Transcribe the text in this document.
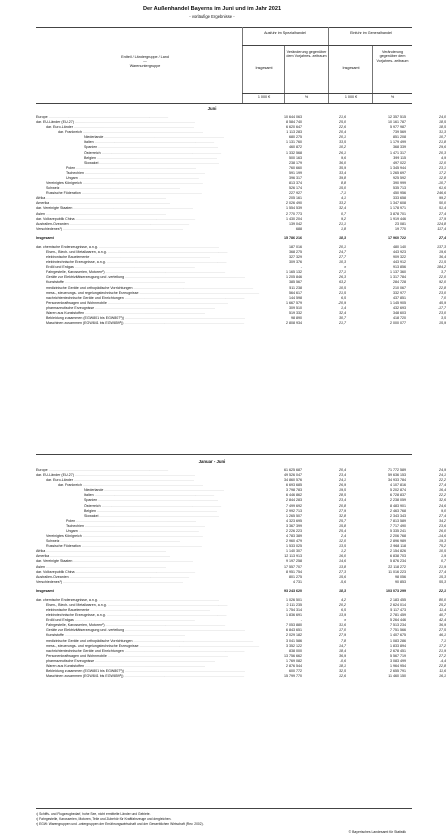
Der Außenhandel Bayerns im Juni und im Jahr 2021
- vorläufige Ergebnisse -
Erdteil / Ländergruppe / Land
—
Warenuntergruppe
Ausfuhr im Spezialhandel	Einfuhr im Generalhandel
Insgesamt
Veränderung gegenüber dem Vorjahres- zeitraum
Insgesamt
Veränderung gegenüber dem Vorjahres- zeitraum
1 000 €	%	1 000 €	%
Juni
Europe ........................................................................................................................	10 644 063	21,6	12 357 515	24,0
dar. EU-Länder (EU-27) ........................................................................................................................	8 584 740	25,0	10 161 787	18,5
dar. Euro-Länder ........................................................................................................................	6 620 647	22,6	5 977 987	18,5
dar. Frankreich ........................................................................................................................	1 113 283	20,4	739 569	31,3
Niederlande ........................................................................................................................	680 275	20,1	851 208	10,7
Italien ........................................................................................................................	1 131 760	33,5	1 179 499	21,8
Spanien ........................................................................................................................	460 872	10,2	368 339	29,6
Österreich ........................................................................................................................	1 332 568	26,1	1 471 317	20,3
Belgien ........................................................................................................................	500 163	9,6	399 115	4,9
Slowakei ........................................................................................................................	238 179	36,0	497 022	12,0
Polen ........................................................................................................................	760 660	35,9	1 345 944	23,1
Tschechien ........................................................................................................................	591 199	33,4	1 265 697	17,2
Ungarn ........................................................................................................................	396 317	39,8	925 592	12,8
Vereinigtes Königreich ........................................................................................................................	813 374	8,8	390 999	-10,7
Schweiz ........................................................................................................................	526 174	15,0	535 713	61,6
Russische Föderation ........................................................................................................................	227 927	-7,1	450 956	246,6
Afrika ........................................................................................................................	205 161	4,1	333 658	99,2
Amerika ........................................................................................................................	2 026 490	33,2	1 347 608	50,0
dar. Vereinigte Staaten ........................................................................................................................	1 554 539	32,4	1 178 971	51,4
Asien ........................................................................................................................	2 770 773	0,7	3 878 701	27,4
dar. Volksrepublik China ........................................................................................................................	1 430 204	9,2	1 919 446	17,9
Australien-Ozeanien ........................................................................................................................	139 042	21,1	23 081	124,8
Verschiedenes¹) ........................................................................................................................	688	1,8	19 770	117,4
Insgesamt	15 786 216	18,3	17 960 722	27,4
dar. chemische Enderzeugnisse, a.n.g. ........................................................................................................................	187 016	20,1	480 140	137,3
Eisen-, Blech- und Metallwaren, a.n.g. ........................................................................................................................	368 275	24,7	443 923	19,6
elektronische Bauelemente ........................................................................................................................	327 329	27,7	909 322	36,4
elektrotechnische Erzeugnisse, a.n.g. ........................................................................................................................	309 376	10,3	443 912	21,5
Erdöl und Erdgas ........................................................................................................................	-	x	913 856	184,2
Fahrgestelle, Karosserien, Motoren²) ........................................................................................................................	1 165 132	27,1	1 137 360	3,7
Geräte zur Elektrizitätserzeugung und -verteilung ........................................................................................................................	1 205 846	26,3	1 317 784	22,0
Kunststoffe ........................................................................................................................	385 567	63,2	284 728	92,0
medizinische Geräte und orthopädische Vorrichtungen ........................................................................................................................	511 238	10,5	210 067	22,8
mess-, steuerungs- und regelungstechnische Erzeugnisse ........................................................................................................................	564 617	21,5	332 977	23,0
nachrichtentechnische Geräte und Einrichtungen ........................................................................................................................	144 598	6,5	437 851	7,0
Personenkraftwagen und Wohnmobile ........................................................................................................................	1 667 579	-20,9	1 145 905	45,9
pharmazeutische Erzeugnisse ........................................................................................................................	309 510	1,4	432 693	-17,7
Waren aus Kunststoffen ........................................................................................................................	519 332	32,4	348 603	23,0
Bekleidung zusammen (EGW801 bis EGW807³)) ........................................................................................................................	98 890	30,7	418 720	3,5
Maschinen zusammen (EGW841 bis EGW859³)) ........................................................................................................................	2 808 934	21,7	2 000 077	15,9
Januar - Juni
Europe ........................................................................................................................	61 625 687	20,4	71 772 589	24,9
dar. EU-Länder (EU-27) ........................................................................................................................	49 526 047	23,4	59 636 153	24,1
dar. Euro-Länder ........................................................................................................................	34 860 576	24,1	34 933 784	22,2
dar. Frankreich ........................................................................................................................	6 693 685	26,9	4 107 816	27,4
Niederlande ........................................................................................................................	3 798 783	19,5	5 202 874	16,4
Italien ........................................................................................................................	6 446 862	28,5	6 728 837	22,2
Spanien ........................................................................................................................	2 844 283	23,4	2 238 059	32,6
Österreich ........................................................................................................................	7 499 692	20,8	8 483 901	24,6
Belgien ........................................................................................................................	2 992 713	27,9	2 463 768	9,0
Slowakei ........................................................................................................................	1 265 507	32,8	2 343 343	27,4
Polen ........................................................................................................................	4 323 695	25,7	7 813 589	34,2
Tschechien ........................................................................................................................	3 367 399	15,8	7 717 490	23,6
Ungarn ........................................................................................................................	2 226 223	25,4	5 335 241	26,0
Vereinigtes Königreich ........................................................................................................................	4 783 389	2,4	2 206 768	-14,6
Schweiz ........................................................................................................................	2 960 479	12,0	2 896 989	19,3
Russische Föderation ........................................................................................................................	1 533 025	13,5	2 968 118	75,2
Afrika ........................................................................................................................	1 140 307	1,2	2 154 826	10,5
Amerika ........................................................................................................................	12 113 913	16,0	6 838 703	1,9
dar. Vereinigte Staaten ........................................................................................................................	9 197 258	14,6	5 876 234	0,7
Asien ........................................................................................................................	17 557 707	13,8	22 118 272	21,9
dar. Volksrepublik China ........................................................................................................................	8 951 754	27,3	11 016 223	27,4
Australien-Ozeanien ........................................................................................................................	801 275	15,6	98 056	15,3
Verschiedenes¹) ........................................................................................................................	4 731	-5,6	90 853	55,3
Insgesamt	93 243 620	18,3	103 073 299	22,1
dar. chemische Enderzeugnisse, a.n.g. ........................................................................................................................	1 026 501	4,2	2 183 455	80,0
Eisen-, Blech- und Metallwaren, a.n.g. ........................................................................................................................	2 111 235	20,2	2 624 014	25,2
elektronische Bauelemente ........................................................................................................................	1 754 314	6,5	5 117 473	11,4
elektrotechnische Erzeugnisse, a.n.g. ........................................................................................................................	1 836 691	13,9	2 781 459	40,7
Erdöl und Erdgas ........................................................................................................................	-	x	5 264 446	42,4
Fahrgestelle, Karosserien, Motoren²) ........................................................................................................................	7 053 880	31,6	7 513 234	36,9
Geräte zur Elektrizitätserzeugung und -verteilung ........................................................................................................................	6 843 651	17,0	7 751 566	27,5
Kunststoffe ........................................................................................................................	2 029 182	27,9	1 407 675	46,1
medizinische Geräte und orthopädische Vorrichtungen ........................................................................................................................	3 041 586	7,8	1 083 286	7,1
mess-, steuerungs- und regelungstechnische Erzeugnisse ........................................................................................................................	3 352 122	14,7	1 833 894	17,2
nachrichtentechnische Geräte und Einrichtungen ........................................................................................................................	838 000	18,4	2 678 451	21,9
Personenkraftwagen und Wohnmobile ........................................................................................................................	13 756 662	36,9	5 567 719	27,2
pharmazeutische Erzeugnisse ........................................................................................................................	1 769 082	-0,6	3 083 499	-4,4
Waren aus Kunststoffen ........................................................................................................................	2 876 544	18,1	1 964 954	22,8
Bekleidung zusammen (EGW801 bis EGW807³)) ........................................................................................................................	600 772	32,5	2 655 791	11,6
Maschinen zusammen (EGW841 bis EGW859³)) ........................................................................................................................	15 799 770	12,6	11 460 150	16,1
¹) Schiffs- und Flugzeugbedarf, hohe See, nicht ermittelte Länder und Gebiete.
²) Fahrgestelle, Karosserien, Motoren, Teile und Zubehör für Kraftfahrzeuge und dergleichen.
³) EGW: Warengruppen und -untergruppen der Ernährungswirtschaft und der Gewerblichen Wirtschaft (Rev. 2002).
© Bayerisches Landesamt für Statistik
